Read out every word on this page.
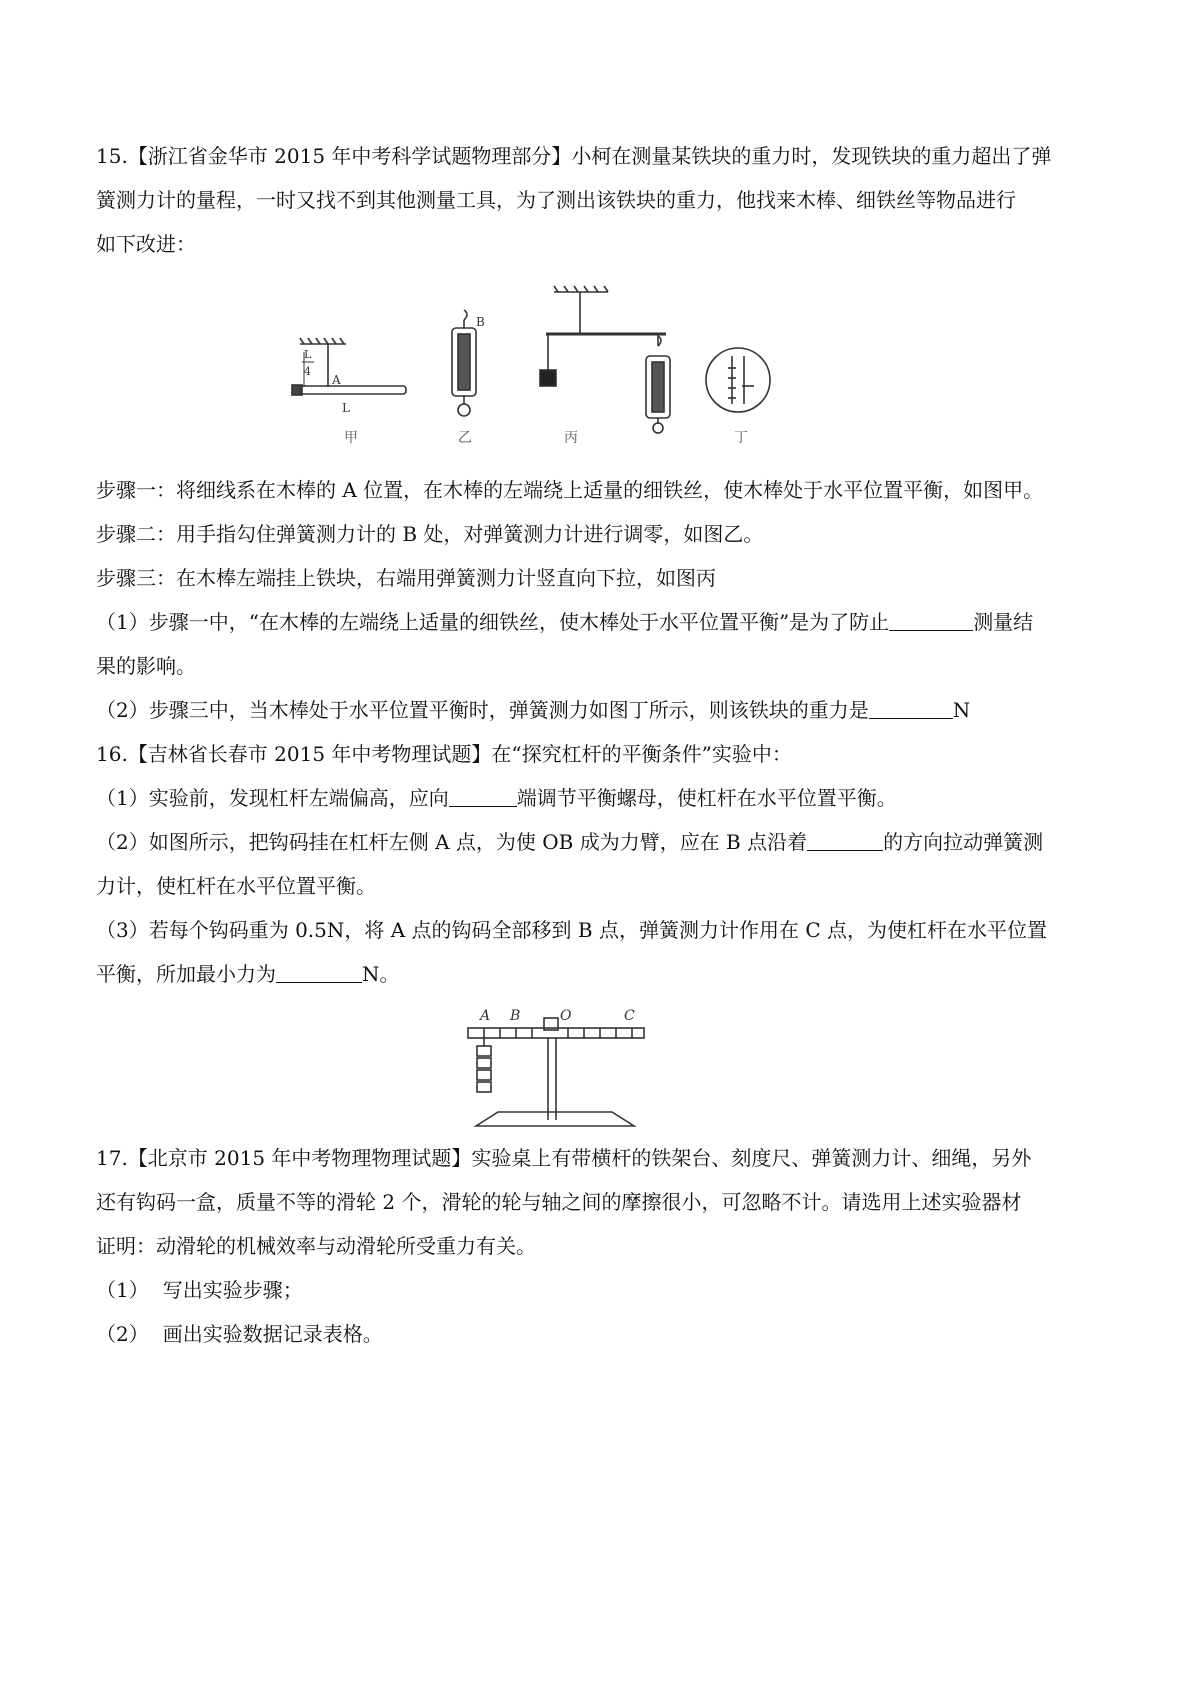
15.【浙江省金华市 2015 年中考科学试题物理部分】小柯在测量某铁块的重力时，发现铁块的重力超出了弹
簧测力计的量程，一时又找不到其他测量工具，为了测出该铁块的重力，他找来木棒、细铁丝等物品进行
如下改进：
L
4
A
L
甲
B
乙	丙	丁
步骤一：将细线系在木棒的 A 位置，在木棒的左端绕上适量的细铁丝，使木棒处于水平位置平衡，如图甲。
步骤二：用手指勾住弹簧测力计的 B 处，对弹簧测力计进行调零，如图乙。
步骤三：在木棒左端挂上铁块，右端用弹簧测力计竖直向下拉，如图丙
（1）步骤一中，“在木棒的左端绕上适量的细铁丝，使木棒处于水平位置平衡”是为了防止	测量结
果的影响。
（2）步骤三中，当木棒处于水平位置平衡时，弹簧测力如图丁所示，则该铁块的重力是	N
16.【吉林省长春市 2015 年中考物理试题】在“探究杠杆的平衡条件”实验中：
（1）实验前，发现杠杆左端偏高，应向	端调节平衡螺母，使杠杆在水平位置平衡。
（2）如图所示，把钩码挂在杠杆左侧 A 点，为使 OB 成为力臂，应在 B 点沿着	的方向拉动弹簧测
力计，使杠杆在水平位置平衡。
（3）若每个钩码重为 0.5N，将 A 点的钩码全部移到 B 点，弹簧测力计作用在 C 点，为使杠杆在水平位置
平衡，所加最小力为	N。
A B	O	C
17.【北京市 2015 年中考物理物理试题】实验桌上有带横杆的铁架台、刻度尺、弹簧测力计、细绳，另外
还有钩码一盒，质量不等的滑轮 2 个，滑轮的轮与轴之间的摩擦很小，可忽略不计。请选用上述实验器材
证明：动滑轮的机械效率与动滑轮所受重力有关。
（1） 写出实验步骤；
（2） 画出实验数据记录表格。
